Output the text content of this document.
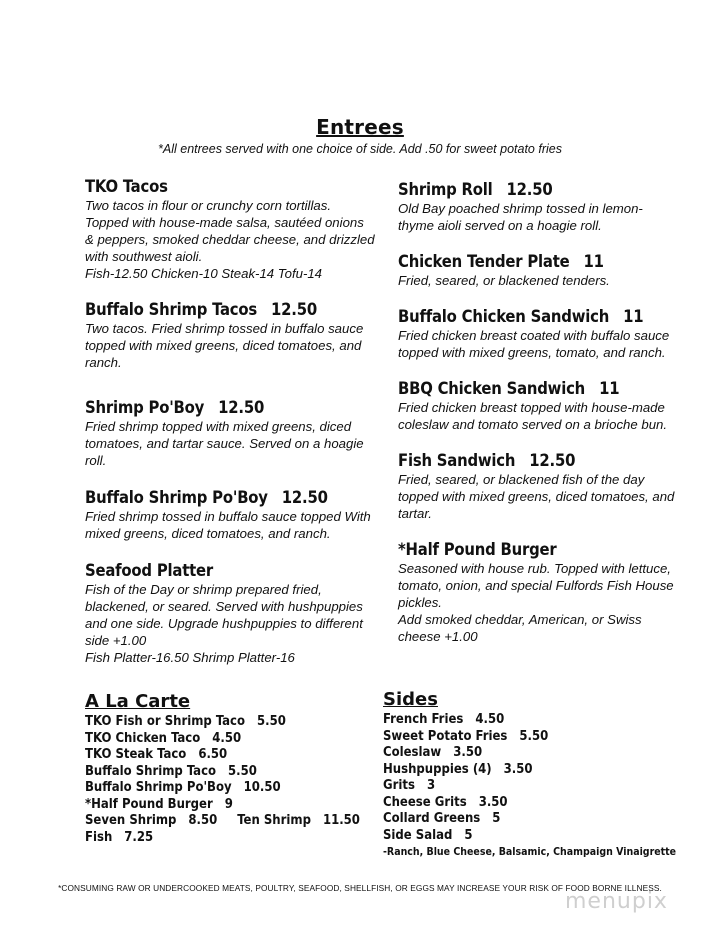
Entrees
*All entrees served with one choice of side. Add .50 for sweet potato fries
TKO Tacos
Two tacos in flour or crunchy corn tortillas. Topped with house-made salsa, sautéed onions & peppers, smoked cheddar cheese, and drizzled with southwest aioli.
Fish-12.50 Chicken-10 Steak-14 Tofu-14
Buffalo Shrimp Tacos 12.50
Two tacos. Fried shrimp tossed in buffalo sauce topped with mixed greens, diced tomatoes, and ranch.
Shrimp Po'Boy 12.50
Fried shrimp topped with mixed greens, diced tomatoes, and tartar sauce. Served on a hoagie roll.
Buffalo Shrimp Po'Boy 12.50
Fried shrimp tossed in buffalo sauce topped With mixed greens, diced tomatoes, and ranch.
Seafood Platter
Fish of the Day or shrimp prepared fried, blackened, or seared. Served with hushpuppies and one side. Upgrade hushpuppies to different side +1.00
Fish Platter-16.50 Shrimp Platter-16
Shrimp Roll 12.50
Old Bay poached shrimp tossed in lemon-thyme aioli served on a hoagie roll.
Chicken Tender Plate 11
Fried, seared, or blackened tenders.
Buffalo Chicken Sandwich 11
Fried chicken breast coated with buffalo sauce topped with mixed greens, tomato, and ranch.
BBQ Chicken Sandwich 11
Fried chicken breast topped with house-made coleslaw and tomato served on a brioche bun.
Fish Sandwich 12.50
Fried, seared, or blackened fish of the day topped with mixed greens, diced tomatoes, and tartar.
*Half Pound Burger
Seasoned with house rub. Topped with lettuce, tomato, onion, and special Fulfords Fish House pickles.
Add smoked cheddar, American, or Swiss cheese +1.00
A La Carte
TKO Fish or Shrimp Taco 5.50
TKO Chicken Taco 4.50
TKO Steak Taco 6.50
Buffalo Shrimp Taco 5.50
Buffalo Shrimp Po'Boy 10.50
*Half Pound Burger 9
Seven Shrimp 8.50 Ten Shrimp 11.50
Fish 7.25
Sides
French Fries 4.50
Sweet Potato Fries 5.50
Coleslaw 3.50
Hushpuppies (4) 3.50
Grits 3
Cheese Grits 3.50
Collard Greens 5
Side Salad 5
-Ranch, Blue Cheese, Balsamic, Champaign Vinaigrette
*CONSUMING RAW OR UNDERCOOKED MEATS, POULTRY, SEAFOOD, SHELLFISH, OR EGGS MAY INCREASE YOUR RISK OF FOOD BORNE ILLNESS.
menupix
